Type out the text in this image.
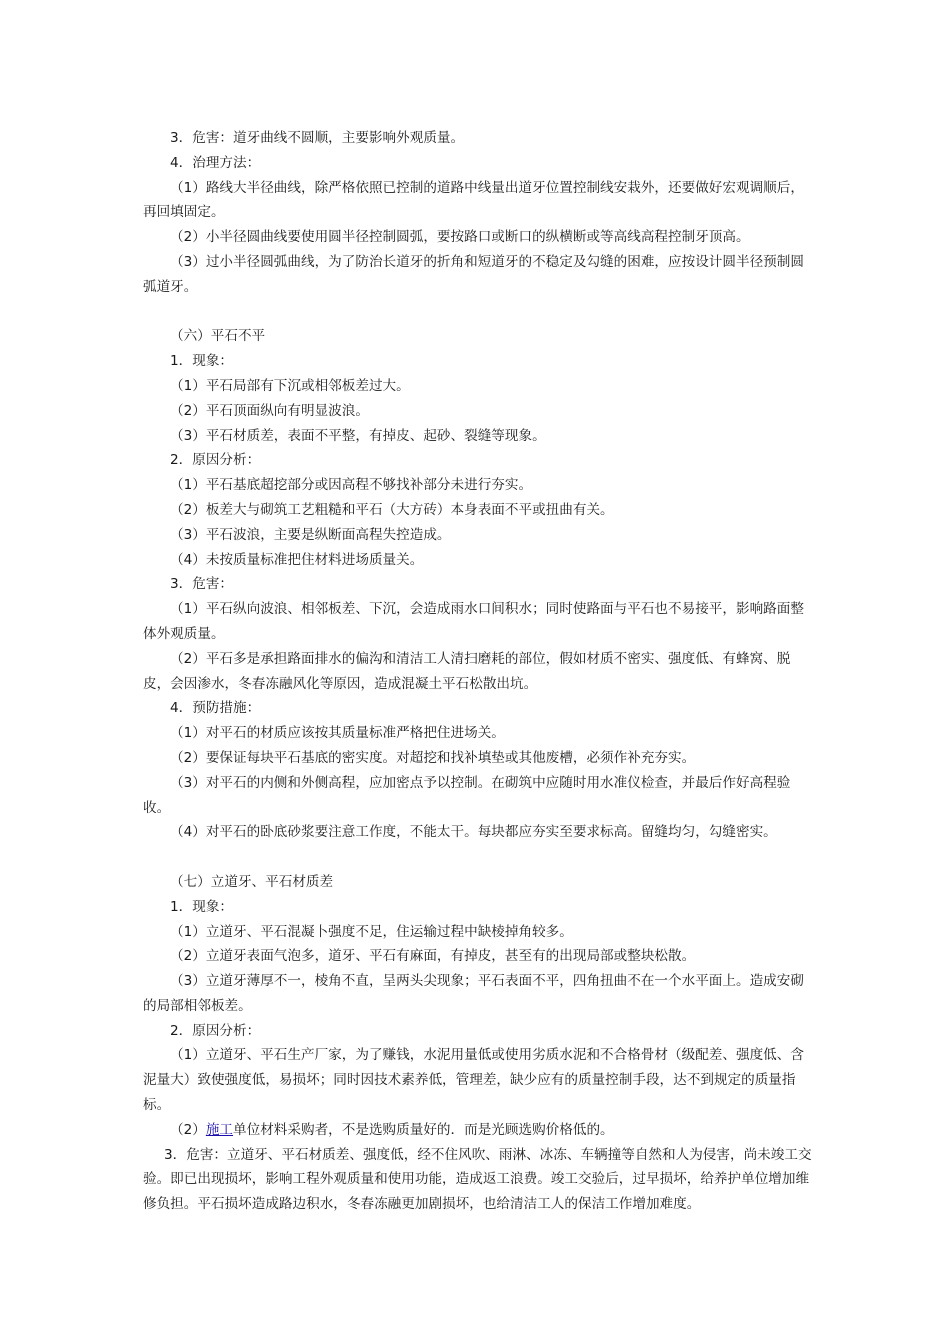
3．危害：道牙曲线不圆顺，主要影响外观质量。

4．治理方法：

（1）路线大半径曲线，除严格依照已控制的道路中线量出道牙位置控制线安栽外，还要做好宏观调顺后，再回填固定。

（2）小半径圆曲线要使用圆半径控制圆弧，要按路口或断口的纵横断或等高线高程控制牙顶高。

（3）过小半径圆弧曲线，为了防治长道牙的折角和短道牙的不稳定及勾缝的困难，应按设计圆半径预制圆弧道牙。

（六）平石不平

1．现象：

（1）平石局部有下沉或相邻板差过大。

（2）平石顶面纵向有明显波浪。

（3）平石材质差，表面不平整，有掉皮、起砂、裂缝等现象。

2．原因分析：

（1）平石基底超挖部分或因高程不够找补部分未进行夯实。

（2）板差大与砌筑工艺粗糙和平石（大方砖）本身表面不平或扭曲有关。

（3）平石波浪，主要是纵断面高程失控造成。

（4）未按质量标准把住材料进场质量关。

3．危害：

（1）平石纵向波浪、相邻板差、下沉，会造成雨水口间积水；同时使路面与平石也不易接平，影响路面整体外观质量。

（2）平石多是承担路面排水的偏沟和清洁工人清扫磨耗的部位，假如材质不密实、强度低、有蜂窝、脱皮，会因渗水，冬春冻融风化等原因，造成混凝土平石松散出坑。

4．预防措施：

（1）对平石的材质应该按其质量标准严格把住进场关。

（2）要保证每块平石基底的密实度。对超挖和找补填垫或其他废槽，必须作补充夯实。

（3）对平石的内侧和外侧高程，应加密点予以控制。在砌筑中应随时用水准仪检查，并最后作好高程验收。

（4）对平石的卧底砂浆要注意工作度，不能太干。每块都应夯实至要求标高。留缝均匀，勾缝密实。

（七）立道牙、平石材质差

1．现象：

（1）立道牙、平石混凝卜强度不足，住运输过程中缺棱掉角较多。

（2）立道牙表面气泡多，道牙、平石有麻面，有掉皮，甚至有的出现局部或整块松散。

（3）立道牙薄厚不一，棱角不直，呈两头尖现象；平石表面不平，四角扭曲不在一个水平面上。造成安砌的局部相邻板差。

2．原因分析：

（1）立道牙、平石生产厂家，为了赚钱，水泥用量低或使用劣质水泥和不合格骨材（级配差、强度低、含泥量大）致使强度低，易损坏；同时因技术素养低，管理差，缺少应有的质量控制手段，达不到规定的质量指标。

（2）施工单位材料采购者，不是选购质量好的．而是光顾选购价格低的。

3．危害：立道牙、平石材质差、强度低，经不住风吹、雨淋、冰冻、车辆撞等自然和人为侵害，尚未竣工交验。即已出现损坏，影响工程外观质量和使用功能，造成返工浪费。竣工交验后，过早损坏，给养护单位增加维修负担。平石损坏造成路边积水，冬春冻融更加剧损坏，也给清洁工人的保洁工作增加难度。
